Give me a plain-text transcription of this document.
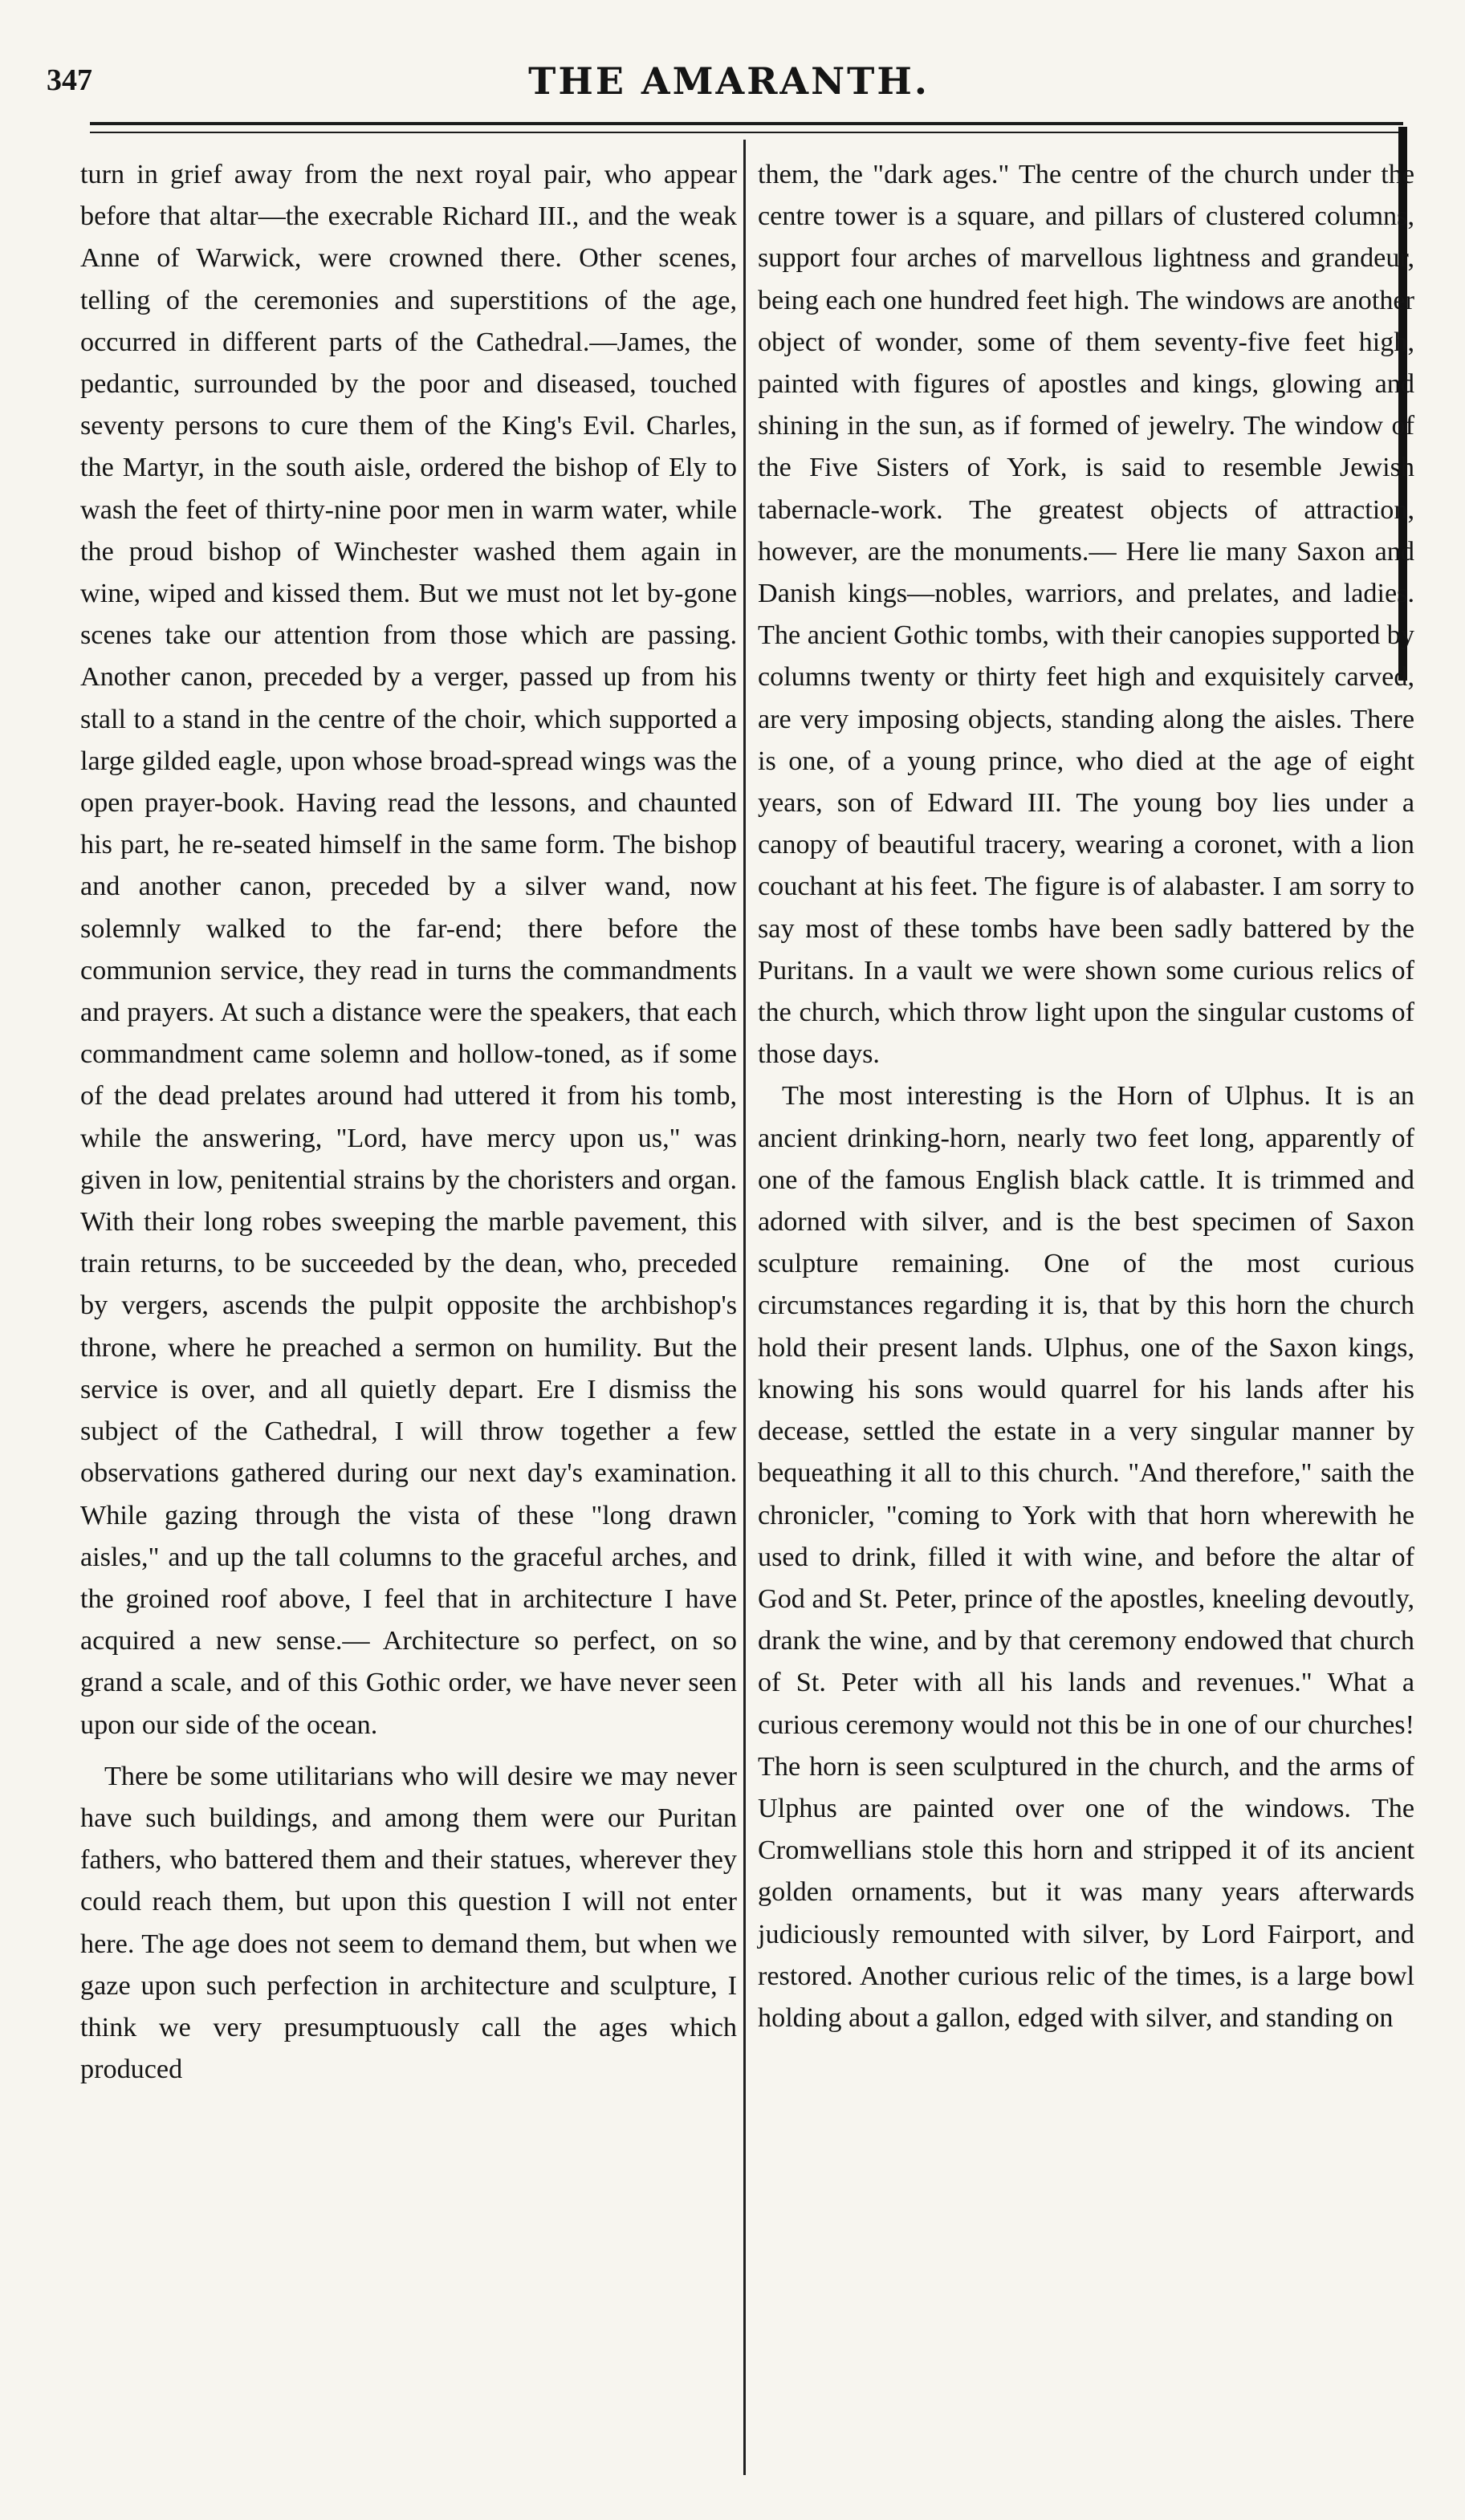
347	THE AMARANTH.

turn in grief away from the next royal pair, who appear before that altar—the execrable Richard III., and the weak Anne of Warwick, were crowned there. Other scenes, telling of the ceremonies and superstitions of the age, occurred in different parts of the Cathedral.—James, the pedantic, surrounded by the poor and diseased, touched seventy persons to cure them of the King's Evil. Charles, the Martyr, in the south aisle, ordered the bishop of Ely to wash the feet of thirty-nine poor men in warm water, while the proud bishop of Winchester washed them again in wine, wiped and kissed them. But we must not let by-gone scenes take our attention from those which are passing. Another canon, preceded by a verger, passed up from his stall to a stand in the centre of the choir, which supported a large gilded eagle, upon whose broad-spread wings was the open prayer-book. Having read the lessons, and chaunted his part, he re-seated himself in the same form. The bishop and another canon, preceded by a silver wand, now solemnly walked to the far-end; there before the communion service, they read in turns the commandments and prayers. At such a distance were the speakers, that each commandment came solemn and hollow-toned, as if some of the dead prelates around had uttered it from his tomb, while the answering, "Lord, have mercy upon us," was given in low, penitential strains by the choristers and organ. With their long robes sweeping the marble pavement, this train returns, to be succeeded by the dean, who, preceded by vergers, ascends the pulpit opposite the archbishop's throne, where he preached a sermon on humility. But the service is over, and all quietly depart. Ere I dismiss the subject of the Cathedral, I will throw together a few observations gathered during our next day's examination. While gazing through the vista of these "long drawn aisles," and up the tall columns to the graceful arches, and the groined roof above, I feel that in architecture I have acquired a new sense.— Architecture so perfect, on so grand a scale, and of this Gothic order, we have never seen upon our side of the ocean.

There be some utilitarians who will desire we may never have such buildings, and among them were our Puritan fathers, who battered them and their statues, wherever they could reach them, but upon this question I will not enter here. The age does not seem to demand them, but when we gaze upon such perfection in architecture and sculpture, I think we very presumptuously call the ages which produced

them, the "dark ages." The centre of the church under the centre tower is a square, and pillars of clustered columns, support four arches of marvellous lightness and grandeur, being each one hundred feet high. The windows are another object of wonder, some of them seventy-five feet high, painted with figures of apostles and kings, glowing and shining in the sun, as if formed of jewelry. The window of the Five Sisters of York, is said to resemble Jewish tabernacle-work. The greatest objects of attraction, however, are the monuments.— Here lie many Saxon and Danish kings—nobles, warriors, and prelates, and ladies. The ancient Gothic tombs, with their canopies supported by columns twenty or thirty feet high and exquisitely carved, are very imposing objects, standing along the aisles. There is one, of a young prince, who died at the age of eight years, son of Edward III. The young boy lies under a canopy of beautiful tracery, wearing a coronet, with a lion couchant at his feet. The figure is of alabaster. I am sorry to say most of these tombs have been sadly battered by the Puritans. In a vault we were shown some curious relics of the church, which throw light upon the singular customs of those days.

The most interesting is the Horn of Ulphus. It is an ancient drinking-horn, nearly two feet long, apparently of one of the famous English black cattle. It is trimmed and adorned with silver, and is the best specimen of Saxon sculpture remaining. One of the most curious circumstances regarding it is, that by this horn the church hold their present lands. Ulphus, one of the Saxon kings, knowing his sons would quarrel for his lands after his decease, settled the estate in a very singular manner by bequeathing it all to this church. "And therefore," saith the chronicler, "coming to York with that horn wherewith he used to drink, filled it with wine, and before the altar of God and St. Peter, prince of the apostles, kneeling devoutly, drank the wine, and by that ceremony endowed that church of St. Peter with all his lands and revenues." What a curious ceremony would not this be in one of our churches! The horn is seen sculptured in the church, and the arms of Ulphus are painted over one of the windows. The Cromwellians stole this horn and stripped it of its ancient golden ornaments, but it was many years afterwards judiciously remounted with silver, by Lord Fairport, and restored. Another curious relic of the times, is a large bowl holding about a gallon, edged with silver, and standing on
